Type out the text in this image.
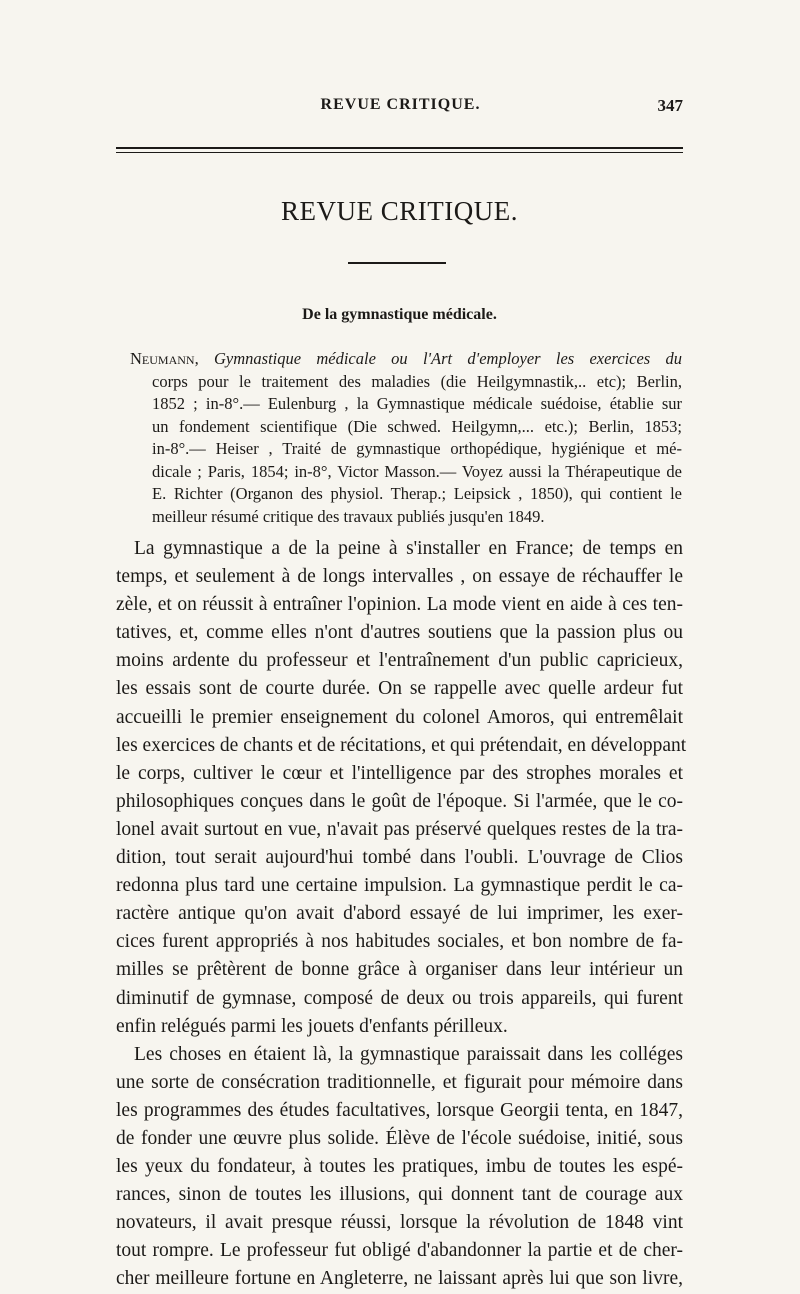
REVUE CRITIQUE.	347
REVUE CRITIQUE.
De la gymnastique médicale.
Neumann, Gymnastique médicale ou l'Art d'employer les exercices du
corps pour le traitement des maladies (die Heilgymnastik,.. etc); Berlin,
1852 ; in-8°.— Eulenburg , la Gymnastique médicale suédoise, établie sur
un fondement scientifique (Die schwed. Heilgymn,... etc.); Berlin, 1853;
in-8°.— Heiser , Traité de gymnastique orthopédique, hygiénique et mé-
dicale ; Paris, 1854; in-8°, Victor Masson.— Voyez aussi la Thérapeutique de
E. Richter (Organon des physiol. Therap.; Leipsick , 1850), qui contient le
meilleur résumé critique des travaux publiés jusqu'en 1849.
La gymnastique a de la peine à s'installer en France; de temps en
temps, et seulement à de longs intervalles , on essaye de réchauffer le
zèle, et on réussit à entraîner l'opinion. La mode vient en aide à ces ten-
tatives, et, comme elles n'ont d'autres soutiens que la passion plus ou
moins ardente du professeur et l'entraînement d'un public capricieux,
les essais sont de courte durée. On se rappelle avec quelle ardeur fut
accueilli le premier enseignement du colonel Amoros, qui entremêlait
les exercices de chants et de récitations, et qui prétendait, en développant
le corps, cultiver le cœur et l'intelligence par des strophes morales et
philosophiques conçues dans le goût de l'époque. Si l'armée, que le co-
lonel avait surtout en vue, n'avait pas préservé quelques restes de la tra-
dition, tout serait aujourd'hui tombé dans l'oubli. L'ouvrage de Clios
redonna plus tard une certaine impulsion. La gymnastique perdit le ca-
ractère antique qu'on avait d'abord essayé de lui imprimer, les exer-
cices furent appropriés à nos habitudes sociales, et bon nombre de fa-
milles se prêtèrent de bonne grâce à organiser dans leur intérieur un
diminutif de gymnase, composé de deux ou trois appareils, qui furent
enfin relégués parmi les jouets d'enfants périlleux.
Les choses en étaient là, la gymnastique paraissait dans les colléges
une sorte de consécration traditionnelle, et figurait pour mémoire dans
les programmes des études facultatives, lorsque Georgii tenta, en 1847,
de fonder une œuvre plus solide. Élève de l'école suédoise, initié, sous
les yeux du fondateur, à toutes les pratiques, imbu de toutes les espé-
rances, sinon de toutes les illusions, qui donnent tant de courage aux
novateurs, il avait presque réussi, lorsque la révolution de 1848 vint
tout rompre. Le professeur fut obligé d'abandonner la partie et de cher-
cher meilleure fortune en Angleterre, ne laissant après lui que son livre,
